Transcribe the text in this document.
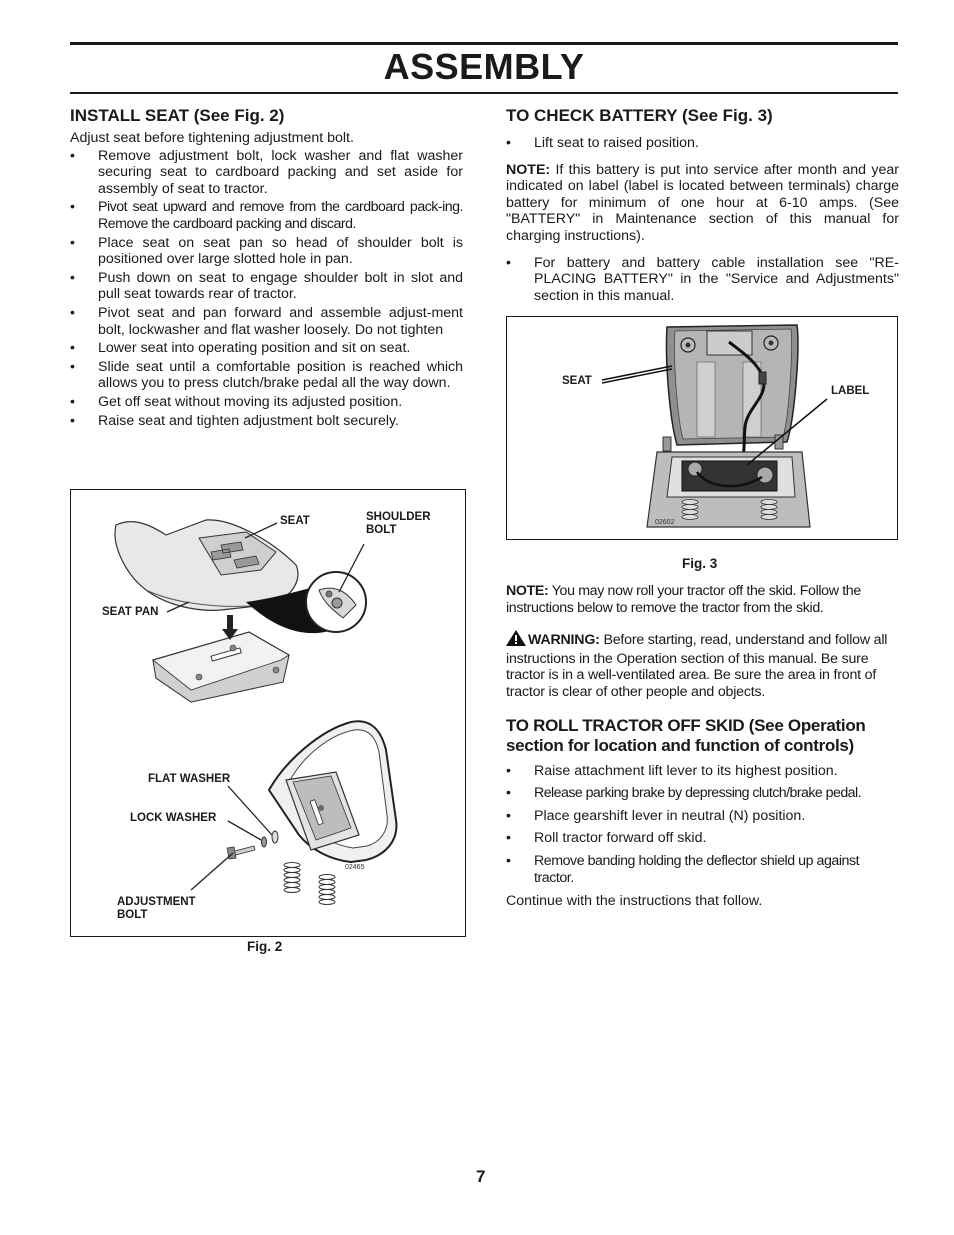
ASSEMBLY
INSTALL SEAT (See Fig. 2)

Adjust seat before tightening adjustment bolt.

• Remove adjustment bolt, lock washer and flat washer securing seat to cardboard packing and set aside for assembly of seat to tractor.
• Pivot seat upward and remove from the cardboard pack-ing. Remove the cardboard packing and discard.
• Place seat on seat pan so head of shoulder bolt is positioned over large slotted hole in pan.
• Push down on seat to engage shoulder bolt in slot and pull seat towards rear of tractor.
• Pivot seat and pan forward and assemble adjust-ment bolt, lockwasher and flat washer loosely. Do not tighten
• Lower seat into operating position and sit on seat.
• Slide seat until a comfortable position is reached which allows you to press clutch/brake pedal all the way down.
• Get off seat without moving its adjusted position.
• Raise seat and tighten adjustment bolt securely.
SEAT	SHOULDER
BOLT
SEAT PAN
FLAT WASHER
LOCK WASHER
ADJUSTMENT
BOLT
02465
Fig. 2
TO CHECK BATTERY (See Fig. 3)
• Lift seat to raised position.

NOTE: If this battery is put into service after month and year indicated on label (label is located between terminals) charge battery for minimum of one hour at 6-10 amps. (See "BATTERY" in Maintenance section of this manual for charging instructions).

• For battery and battery cable installation see "RE-PLACING BATTERY" in the "Service and Adjustments" section in this manual.
SEAT
LABEL
02602
Fig. 3

NOTE: You may now roll your tractor off the skid. Follow the instructions below to remove the tractor from the skid.

WARNING: Before starting, read, understand and follow all instructions in the Operation section of this manual. Be sure tractor is in a well-ventilated area. Be sure the area in front of tractor is clear of other people and objects.

TO ROLL TRACTOR OFF SKID (See Operation section for location and function of controls)
• Raise attachment lift lever to its highest position.
• Release parking brake by depressing clutch/brake pedal.
• Place gearshift lever in neutral (N) position.
• Roll tractor forward off skid.
• Remove banding holding the deflector shield up against tractor.

Continue with the instructions that follow.

7
